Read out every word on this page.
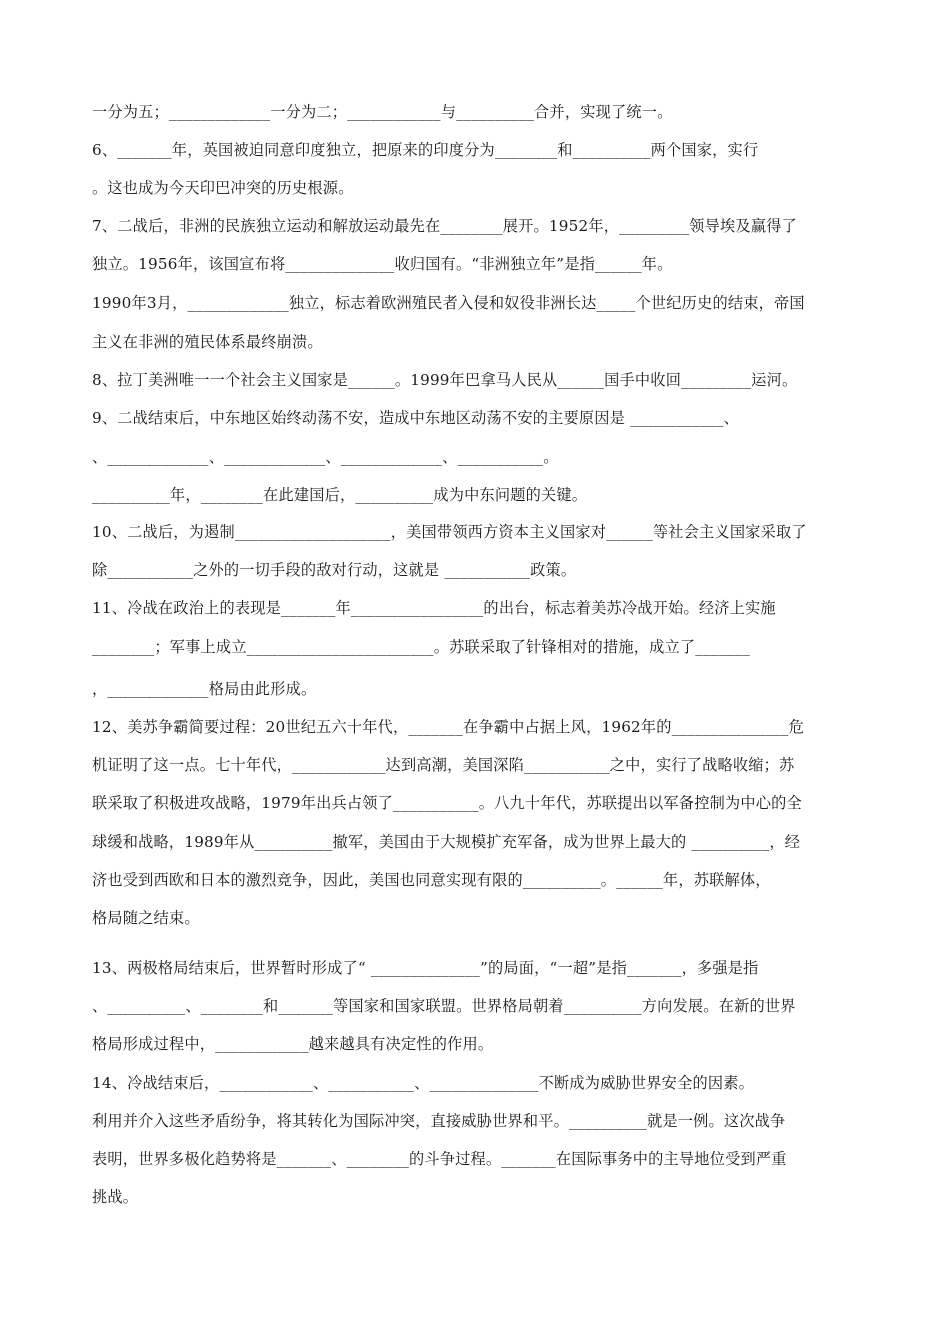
一分为五；_____________一分为二；____________与__________合并，实现了统一。
6、_______年，英国被迫同意印度独立，把原来的印度分为________和__________两个国家，实行
。这也成为今天印巴冲突的历史根源。
7、二战后，非洲的民族独立运动和解放运动最先在________展开。1952年，_________领导埃及赢得了
独立。1956年，该国宣布将______________收归国有。“非洲独立年”是指______年。
1990年3月，_____________独立，标志着欧洲殖民者入侵和奴役非洲长达_____个世纪历史的结束，帝国
主义在非洲的殖民体系最终崩溃。
8、拉丁美洲唯一一个社会主义国家是______。1999年巴拿马人民从______国手中收回_________运河。
9、二战结束后，中东地区始终动荡不安，造成中东地区动荡不安的主要原因是 ____________、
、_____________、_____________、_____________、___________。
__________年，________在此建国后，__________成为中东问题的关键。
10、二战后，为遏制____________________，美国带领西方资本主义国家对______等社会主义国家采取了
除___________之外的一切手段的敌对行动，这就是 ___________政策。
11、冷战在政治上的表现是_______年_________________的出台，标志着美苏冷战开始。经济上实施
________；军事上成立________________________。苏联采取了针锋相对的措施，成立了_______
，_____________格局由此形成。
12、美苏争霸简要过程：20世纪五六十年代，_______在争霸中占据上风，1962年的_______________危
机证明了这一点。七十年代，____________达到高潮，美国深陷___________之中，实行了战略收缩；苏
联采取了积极进攻战略，1979年出兵占领了___________。八九十年代，苏联提出以军备控制为中心的全
球缓和战略，1989年从__________撤军，美国由于大规模扩充军备，成为世界上最大的 __________，经
济也受到西欧和日本的激烈竞争，因此，美国也同意实现有限的__________。______年，苏联解体，
格局随之结束。
13、两极格局结束后，世界暂时形成了“ ______________”的局面，“一超”是指_______，多强是指
、__________、________和_______等国家和国家联盟。世界格局朝着__________方向发展。在新的世界
格局形成过程中，____________越来越具有决定性的作用。
14、冷战结束后，____________、___________、______________不断成为威胁世界安全的因素。
利用并介入这些矛盾纷争，将其转化为国际冲突，直接威胁世界和平。__________就是一例。这次战争
表明，世界多极化趋势将是_______、________的斗争过程。_______在国际事务中的主导地位受到严重
挑战。
